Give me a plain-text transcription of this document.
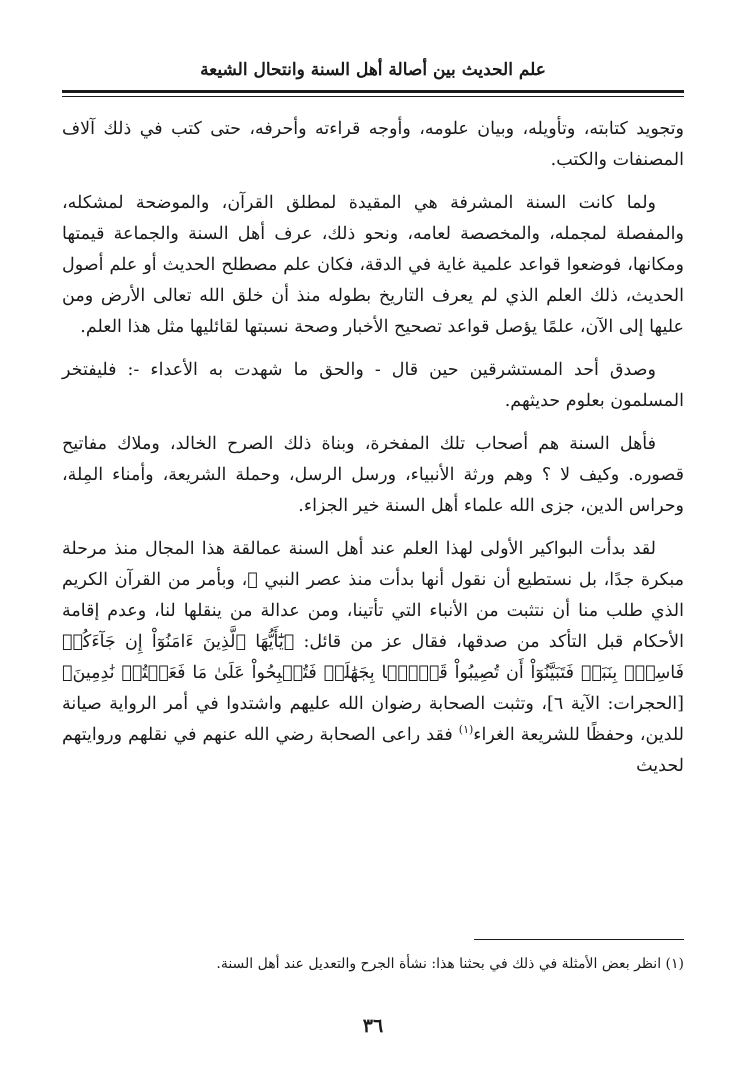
علم الحديث بين أصالة أهل السنة وانتحال الشيعة

وتجويد كتابته، وتأويله، وبيان علومه، وأوجه قراءته وأحرفه، حتى كتب في ذلك آلاف المصنفات والكتب.

ولما كانت السنة المشرفة هي المقيدة لمطلق القرآن، والموضحة لمشكله، والمفصلة لمجمله، والمخصصة لعامه، ونحو ذلك، عرف أهل السنة والجماعة قيمتها ومكانها، فوضعوا قواعد علمية غاية في الدقة، فكان علم مصطلح الحديث أو علم أصول الحديث، ذلك العلم الذي لم يعرف التاريخ بطوله منذ أن خلق الله تعالى الأرض ومن عليها إلى الآن، علمًا يؤصل قواعد تصحيح الأخبار وصحة نسبتها لقائليها مثل هذا العلم.

وصدق أحد المستشرقين حين قال - والحق ما شهدت به الأعداء -: فليفتخر المسلمون بعلوم حديثهم.

فأهل السنة هم أصحاب تلك المفخرة، وبناة ذلك الصرح الخالد، وملاك مفاتيح قصوره. وكيف لا ؟ وهم ورثة الأنبياء، ورسل الرسل، وحملة الشريعة، وأمناء المِلة، وحراس الدين، جزى الله علماء أهل السنة خير الجزاء.

لقد بدأت البواكير الأولى لهذا العلم عند أهل السنة عمالقة هذا المجال منذ مرحلة مبكرة جدًا، بل نستطيع أن نقول أنها بدأت منذ عصر النبي ﷺ، وبأمر من القرآن الكريم الذي طلب منا أن نتثبت من الأنباء التي تأتينا، ومن عدالة من ينقلها لنا، وعدم إقامة الأحكام قبل التأكد من صدقها، فقال عز من قائل: ﴿يَٰٓأَيُّهَا ٱلَّذِينَ ءَامَنُوٓاْ إِن جَآءَكُمۡ فَاسِقُۢ بِنَبَإٖ فَتَبَيَّنُوٓاْ أَن تُصِيبُواْ قَوۡمَۢا بِجَهَٰلَةٖ فَتُصۡبِحُواْ عَلَىٰ مَا فَعَلۡتُمۡ نَٰدِمِينَ﴾ [الحجرات: الآية ٦]، وتثبت الصحابة رضوان الله عليهم واشتدوا في أمر الرواية صيانة للدين، وحفظًا للشريعة الغراء$^{(١)}$ فقد راعى الصحابة رضي الله عنهم في نقلهم وروايتهم لحديث

(١) انظر بعض الأمثلة في ذلك في بحثنا هذا: نشأة الجرح والتعديل عند أهل السنة.
٣٦
